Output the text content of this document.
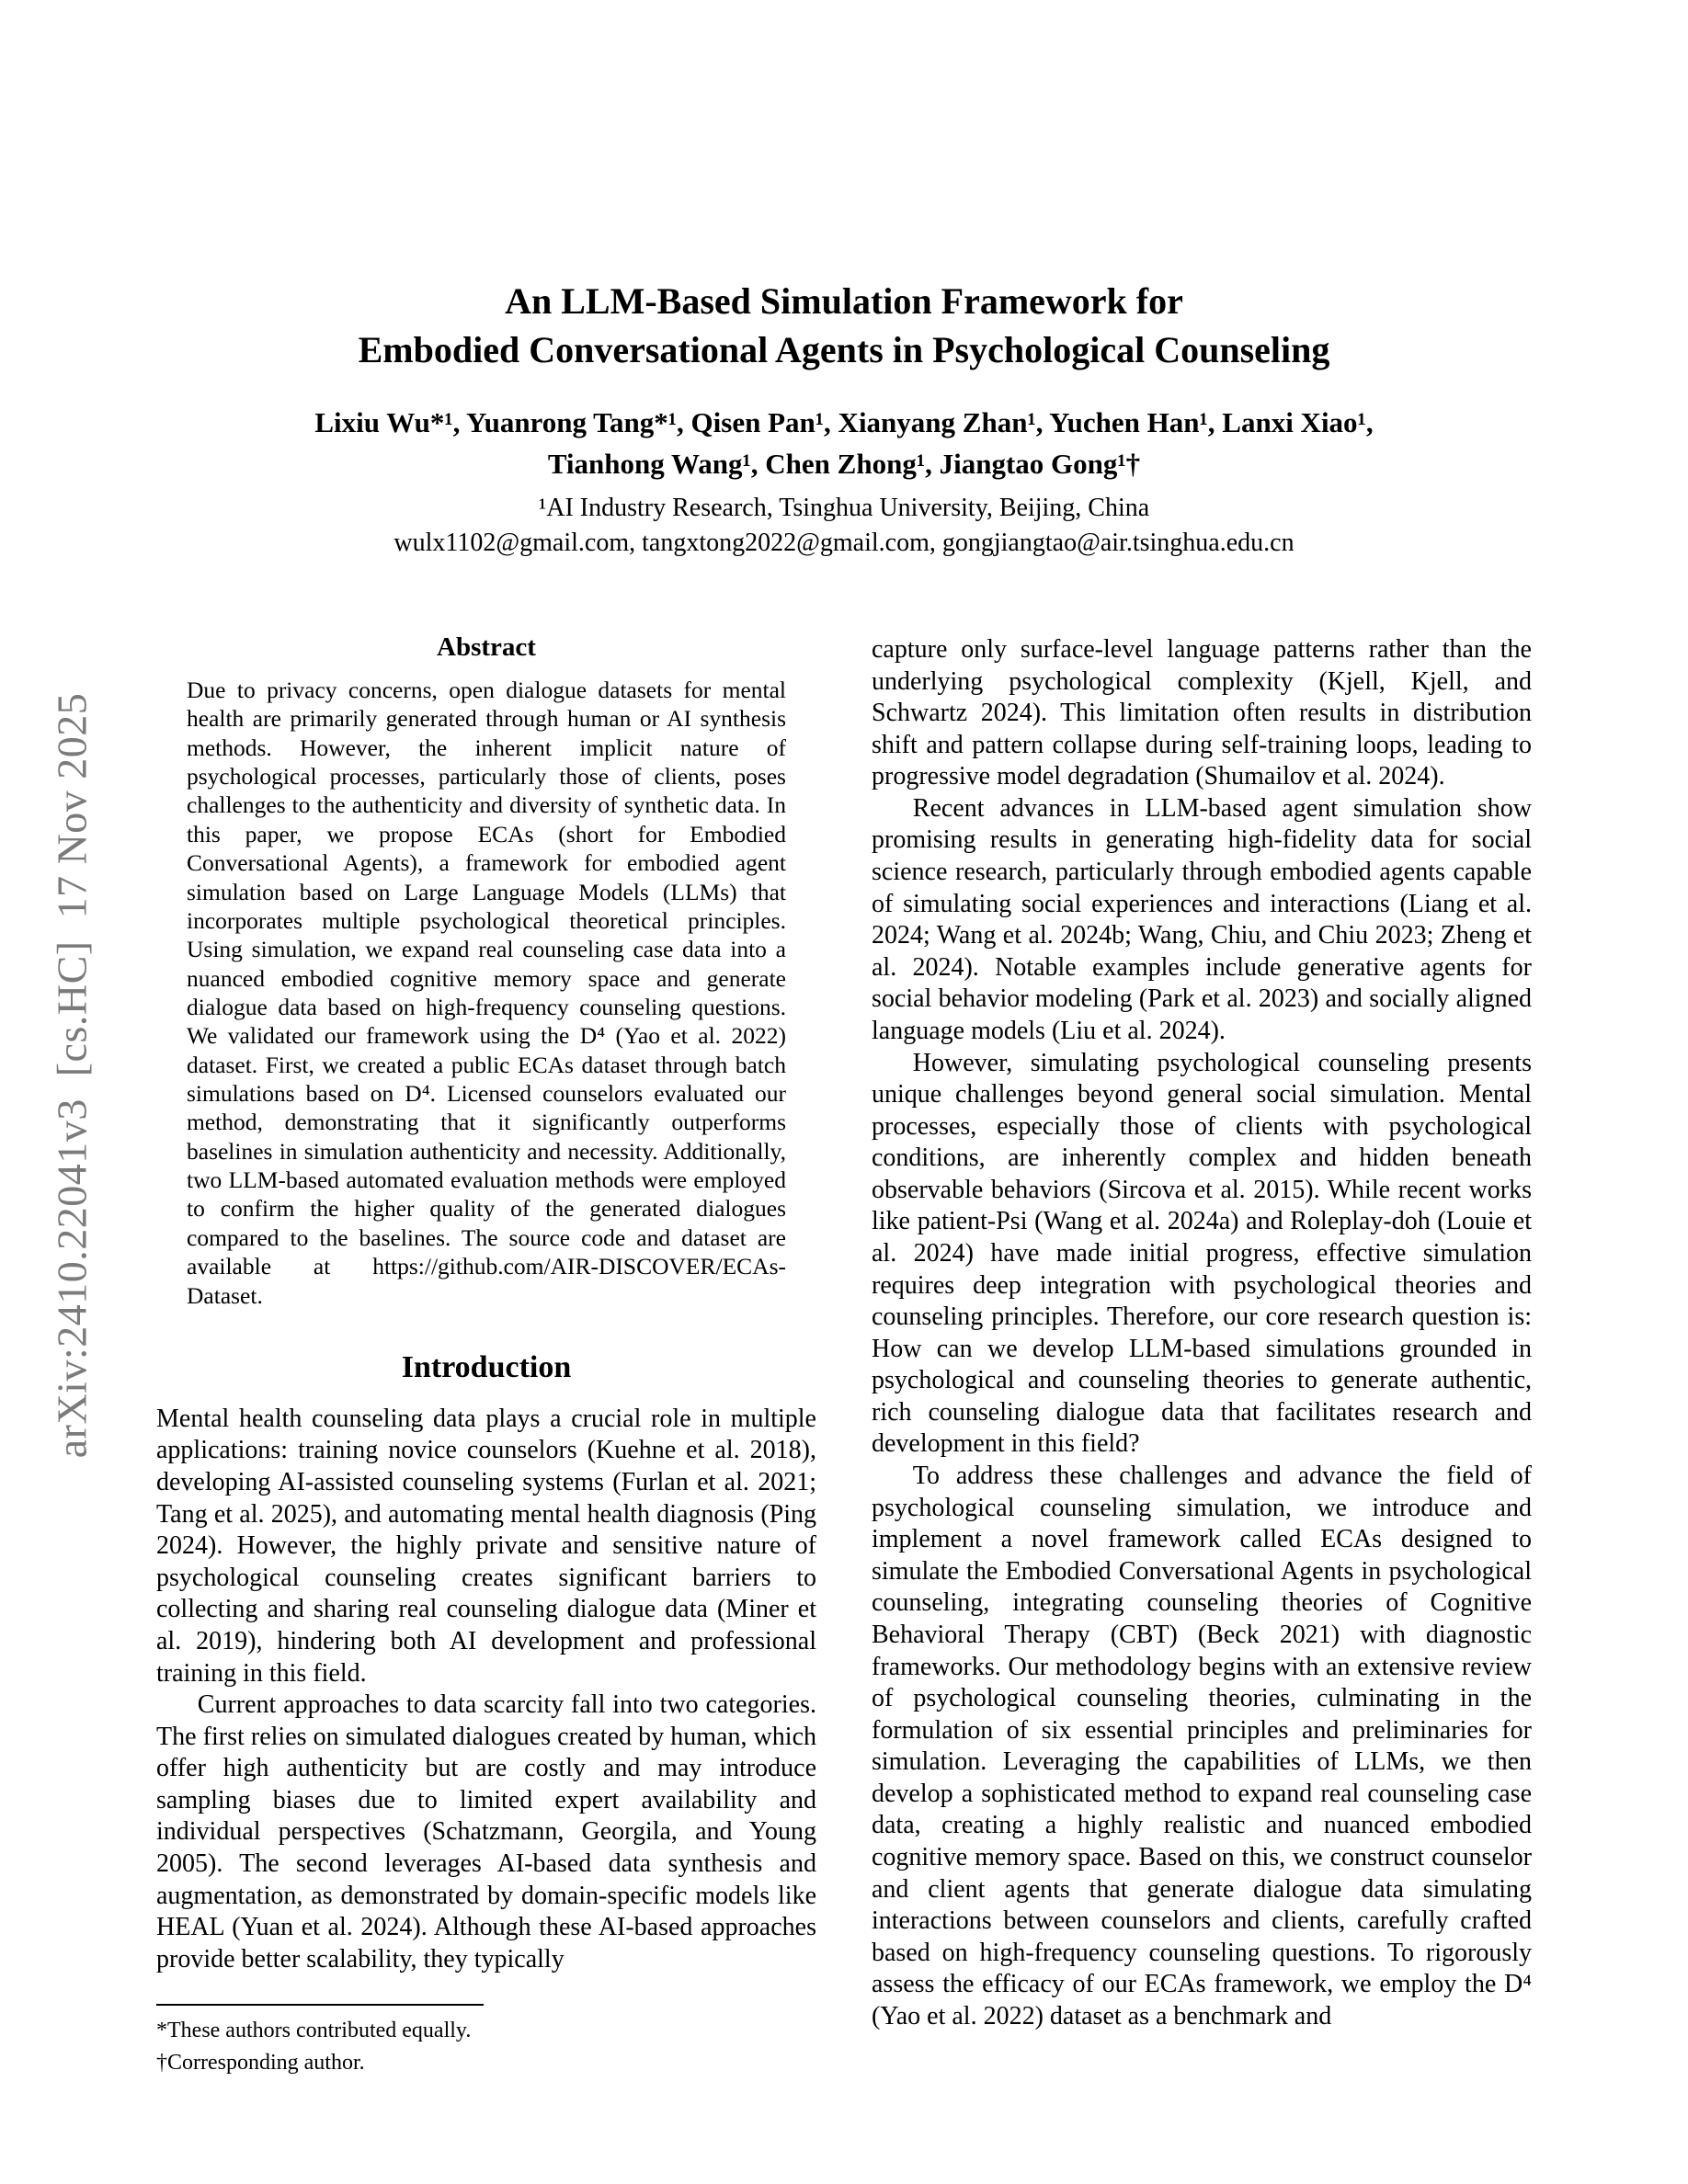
arXiv:2410.22041v3  [cs.HC]  17 Nov 2025
An LLM-Based Simulation Framework for
Embodied Conversational Agents in Psychological Counseling
Lixiu Wu*¹, Yuanrong Tang*¹, Qisen Pan¹, Xianyang Zhan¹, Yuchen Han¹, Lanxi Xiao¹,
Tianhong Wang¹, Chen Zhong¹, Jiangtao Gong¹†
¹AI Industry Research, Tsinghua University, Beijing, China
wulx1102@gmail.com, tangxtong2022@gmail.com, gongjiangtao@air.tsinghua.edu.cn
Abstract

Due to privacy concerns, open dialogue datasets for mental health are primarily generated through human or AI synthesis methods. However, the inherent implicit nature of psychological processes, particularly those of clients, poses challenges to the authenticity and diversity of synthetic data. In this paper, we propose ECAs (short for Embodied Conversational Agents), a framework for embodied agent simulation based on Large Language Models (LLMs) that incorporates multiple psychological theoretical principles. Using simulation, we expand real counseling case data into a nuanced embodied cognitive memory space and generate dialogue data based on high-frequency counseling questions. We validated our framework using the D⁴ (Yao et al. 2022) dataset. First, we created a public ECAs dataset through batch simulations based on D⁴. Licensed counselors evaluated our method, demonstrating that it significantly outperforms baselines in simulation authenticity and necessity. Additionally, two LLM-based automated evaluation methods were employed to confirm the higher quality of the generated dialogues compared to the baselines. The source code and dataset are available at https://github.com/AIR-DISCOVER/ECAs-Dataset.

Introduction

Mental health counseling data plays a crucial role in multiple applications: training novice counselors (Kuehne et al. 2018), developing AI-assisted counseling systems (Furlan et al. 2021; Tang et al. 2025), and automating mental health diagnosis (Ping 2024). However, the highly private and sensitive nature of psychological counseling creates significant barriers to collecting and sharing real counseling dialogue data (Miner et al. 2019), hindering both AI development and professional training in this field.

Current approaches to data scarcity fall into two categories. The first relies on simulated dialogues created by human, which offer high authenticity but are costly and may introduce sampling biases due to limited expert availability and individual perspectives (Schatzmann, Georgila, and Young 2005). The second leverages AI-based data synthesis and augmentation, as demonstrated by domain-specific models like HEAL (Yuan et al. 2024). Although these AI-based approaches provide better scalability, they typically

capture only surface-level language patterns rather than the underlying psychological complexity (Kjell, Kjell, and Schwartz 2024). This limitation often results in distribution shift and pattern collapse during self-training loops, leading to progressive model degradation (Shumailov et al. 2024).

Recent advances in LLM-based agent simulation show promising results in generating high-fidelity data for social science research, particularly through embodied agents capable of simulating social experiences and interactions (Liang et al. 2024; Wang et al. 2024b; Wang, Chiu, and Chiu 2023; Zheng et al. 2024). Notable examples include generative agents for social behavior modeling (Park et al. 2023) and socially aligned language models (Liu et al. 2024).

However, simulating psychological counseling presents unique challenges beyond general social simulation. Mental processes, especially those of clients with psychological conditions, are inherently complex and hidden beneath observable behaviors (Sircova et al. 2015). While recent works like patient-Psi (Wang et al. 2024a) and Roleplay-doh (Louie et al. 2024) have made initial progress, effective simulation requires deep integration with psychological theories and counseling principles. Therefore, our core research question is: How can we develop LLM-based simulations grounded in psychological and counseling theories to generate authentic, rich counseling dialogue data that facilitates research and development in this field?

To address these challenges and advance the field of psychological counseling simulation, we introduce and implement a novel framework called ECAs designed to simulate the Embodied Conversational Agents in psychological counseling, integrating counseling theories of Cognitive Behavioral Therapy (CBT) (Beck 2021) with diagnostic frameworks. Our methodology begins with an extensive review of psychological counseling theories, culminating in the formulation of six essential principles and preliminaries for simulation. Leveraging the capabilities of LLMs, we then develop a sophisticated method to expand real counseling case data, creating a highly realistic and nuanced embodied cognitive memory space. Based on this, we construct counselor and client agents that generate dialogue data simulating interactions between counselors and clients, carefully crafted based on high-frequency counseling questions. To rigorously assess the efficacy of our ECAs framework, we employ the D⁴ (Yao et al. 2022) dataset as a benchmark and

*These authors contributed equally.
†Corresponding author.
